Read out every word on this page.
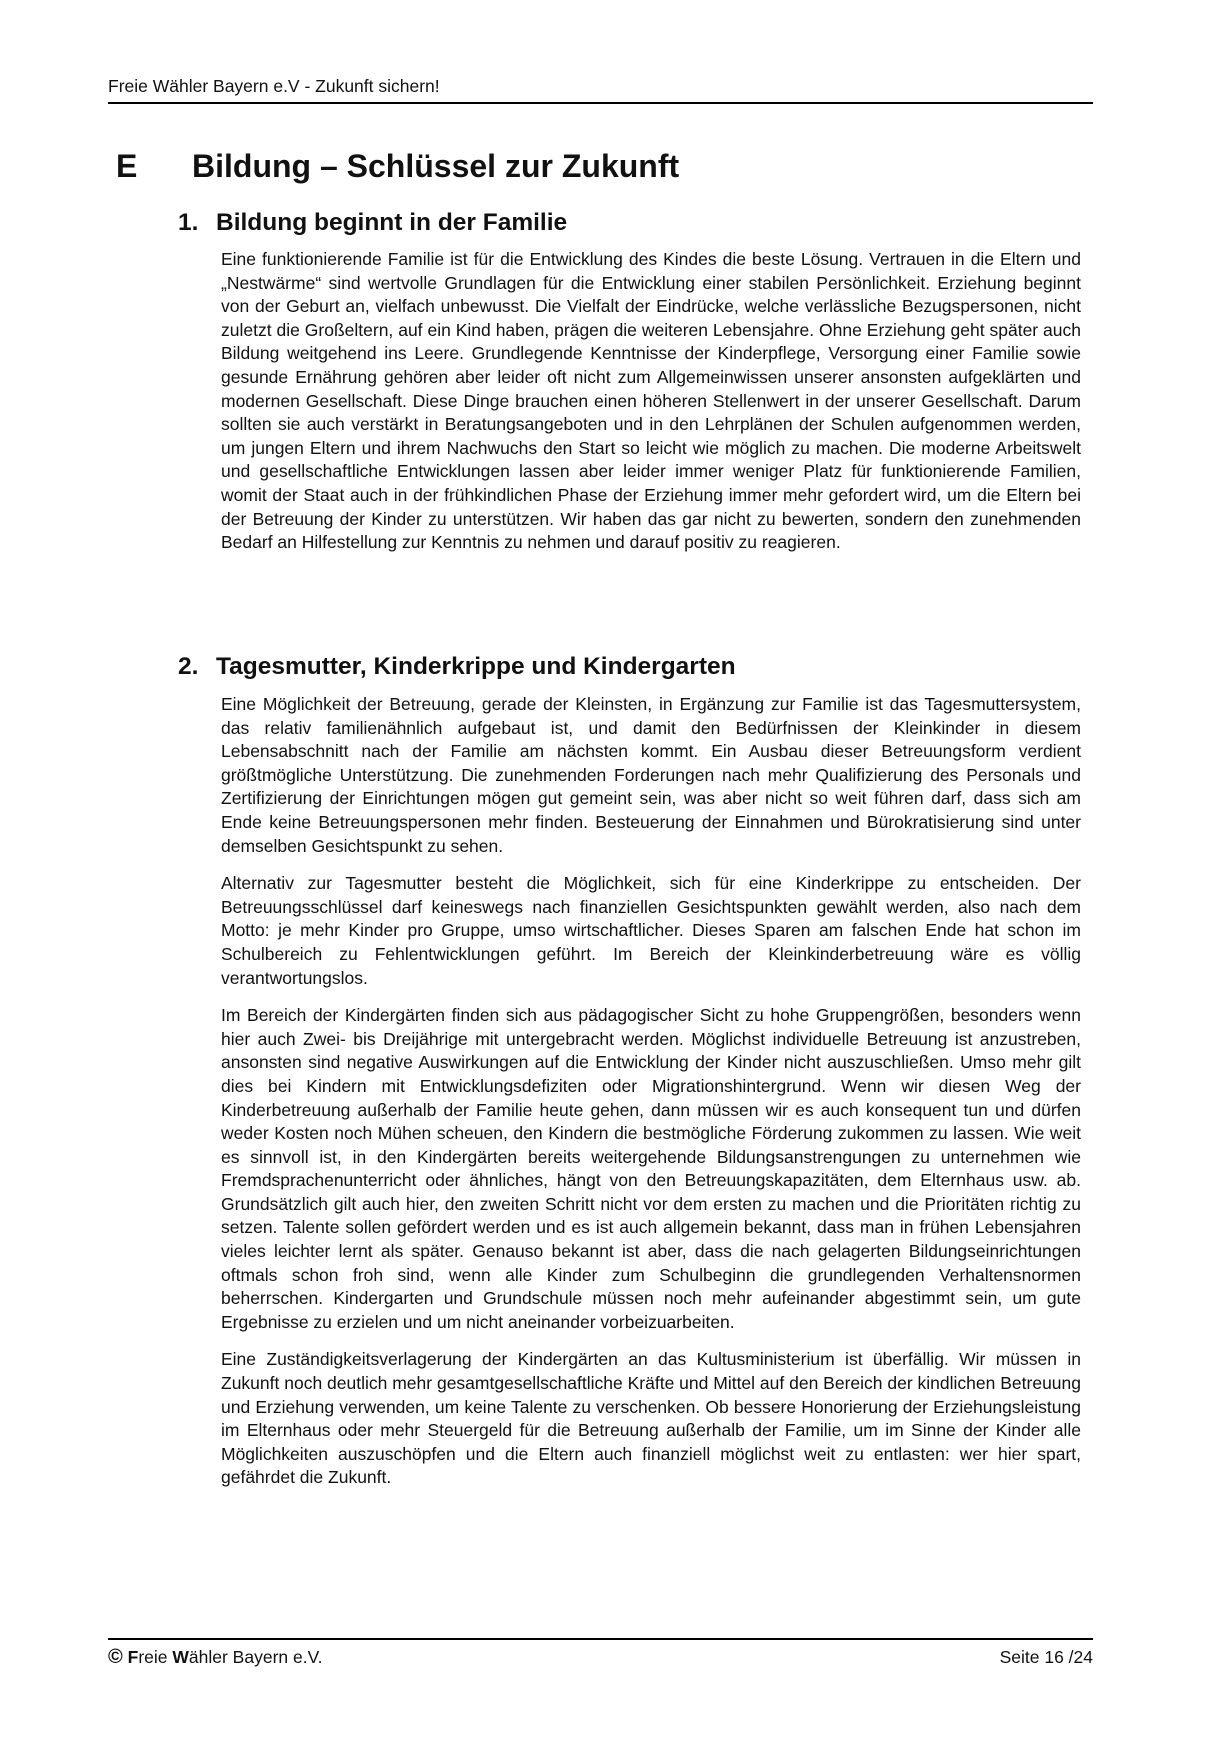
Freie Wähler Bayern e.V - Zukunft sichern!
E Bildung – Schlüssel zur Zukunft
1. Bildung beginnt in der Familie

Eine funktionierende Familie ist für die Entwicklung des Kindes die beste Lösung. Vertrauen in die Eltern und „Nestwärme“ sind wertvolle Grundlagen für die Entwicklung einer stabilen Persönlichkeit. Erziehung beginnt von der Geburt an, vielfach unbewusst. Die Vielfalt der Eindrücke, welche verlässliche Bezugspersonen, nicht zuletzt die Großeltern, auf ein Kind haben, prägen die weiteren Lebensjahre. Ohne Erziehung geht später auch Bildung weitgehend ins Leere. Grundlegende Kenntnisse der Kinderpflege, Versorgung einer Familie sowie gesunde Ernährung gehören aber leider oft nicht zum Allgemeinwissen unserer ansonsten aufgeklärten und modernen Gesellschaft. Diese Dinge brauchen einen höheren Stellenwert in der unserer Gesellschaft. Darum sollten sie auch verstärkt in Beratungsangeboten und in den Lehrplänen der Schulen aufgenommen werden, um jungen Eltern und ihrem Nachwuchs den Start so leicht wie möglich zu machen. Die moderne Arbeitswelt und gesellschaftliche Entwicklungen lassen aber leider immer weniger Platz für funktionierende Familien, womit der Staat auch in der frühkindlichen Phase der Erziehung immer mehr gefordert wird, um die Eltern bei der Betreuung der Kinder zu unterstützen. Wir haben das gar nicht zu bewerten, sondern den zunehmenden Bedarf an Hilfestellung zur Kenntnis zu nehmen und darauf positiv zu reagieren.

2. Tagesmutter, Kinderkrippe und Kindergarten

Eine Möglichkeit der Betreuung, gerade der Kleinsten, in Ergänzung zur Familie ist das Tagesmuttersystem, das relativ familienähnlich aufgebaut ist, und damit den Bedürfnissen der Kleinkinder in diesem Lebensabschnitt nach der Familie am nächsten kommt. Ein Ausbau dieser Betreuungsform verdient größtmögliche Unterstützung. Die zunehmenden Forderungen nach mehr Qualifizierung des Personals und Zertifizierung der Einrichtungen mögen gut gemeint sein, was aber nicht so weit führen darf, dass sich am Ende keine Betreuungspersonen mehr finden. Besteuerung der Einnahmen und Bürokratisierung sind unter demselben Gesichtspunkt zu sehen.

Alternativ zur Tagesmutter besteht die Möglichkeit, sich für eine Kinderkrippe zu entscheiden. Der Betreuungsschlüssel darf keineswegs nach finanziellen Gesichtspunkten gewählt werden, also nach dem Motto: je mehr Kinder pro Gruppe, umso wirtschaftlicher. Dieses Sparen am falschen Ende hat schon im Schulbereich zu Fehlentwicklungen geführt. Im Bereich der Kleinkinderbetreuung wäre es völlig verantwortungslos.

Im Bereich der Kindergärten finden sich aus pädagogischer Sicht zu hohe Gruppengrößen, besonders wenn hier auch Zwei- bis Dreijährige mit untergebracht werden. Möglichst individuelle Betreuung ist anzustreben, ansonsten sind negative Auswirkungen auf die Entwicklung der Kinder nicht auszuschließen. Umso mehr gilt dies bei Kindern mit Entwicklungsdefiziten oder Migrationshintergrund. Wenn wir diesen Weg der Kinderbetreuung außerhalb der Familie heute gehen, dann müssen wir es auch konsequent tun und dürfen weder Kosten noch Mühen scheuen, den Kindern die bestmögliche Förderung zukommen zu lassen. Wie weit es sinnvoll ist, in den Kindergärten bereits weitergehende Bildungsanstrengungen zu unternehmen wie Fremdsprachenunterricht oder ähnliches, hängt von den Betreuungskapazitäten, dem Elternhaus usw. ab. Grundsätzlich gilt auch hier, den zweiten Schritt nicht vor dem ersten zu machen und die Prioritäten richtig zu setzen. Talente sollen gefördert werden und es ist auch allgemein bekannt, dass man in frühen Lebensjahren vieles leichter lernt als später. Genauso bekannt ist aber, dass die nach gelagerten Bildungseinrichtungen oftmals schon froh sind, wenn alle Kinder zum Schulbeginn die grundlegenden Verhaltensnormen beherrschen. Kindergarten und Grundschule müssen noch mehr aufeinander abgestimmt sein, um gute Ergebnisse zu erzielen und um nicht aneinander vorbeizuarbeiten.

Eine Zuständigkeitsverlagerung der Kindergärten an das Kultusministerium ist überfällig. Wir müssen in Zukunft noch deutlich mehr gesamtgesellschaftliche Kräfte und Mittel auf den Bereich der kindlichen Betreuung und Erziehung verwenden, um keine Talente zu verschenken. Ob bessere Honorierung der Erziehungsleistung im Elternhaus oder mehr Steuergeld für die Betreuung außerhalb der Familie, um im Sinne der Kinder alle Möglichkeiten auszuschöpfen und die Eltern auch finanziell möglichst weit zu entlasten: wer hier spart, gefährdet die Zukunft.

© Freie Wähler Bayern e.V.	Seite 16 /24
